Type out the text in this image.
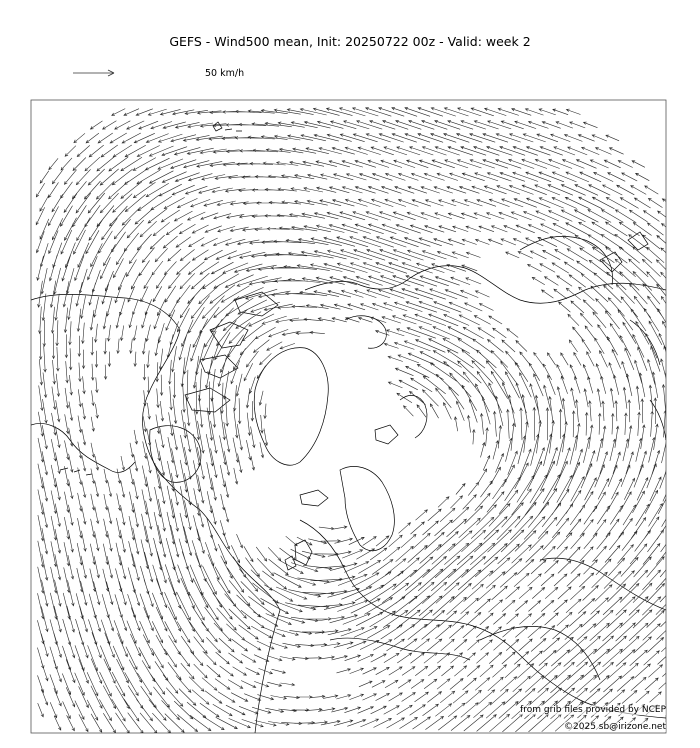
GEFS - Wind500 mean, Init: 20250722 00z - Valid: week 2
50 km/h
from grib files provided by NCEP
©2025 sb@irizone.net
